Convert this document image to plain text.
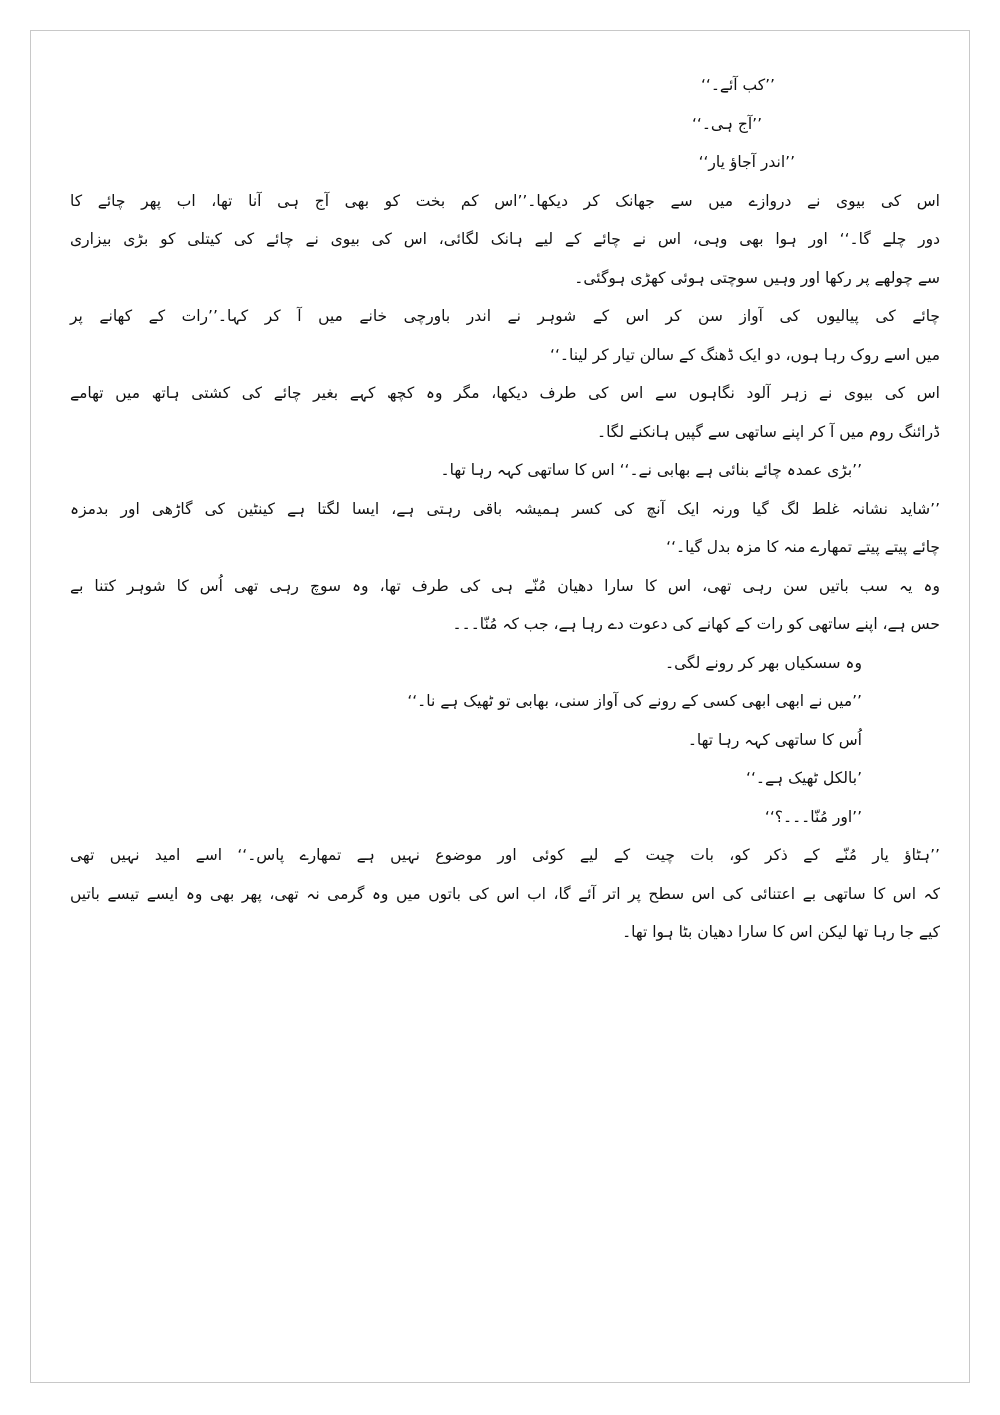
’’کب آئے۔‘‘
’’آج ہی۔‘‘
’’اندر آجاؤ یار‘‘
اس کی بیوی نے دروازے میں سے جھانک کر دیکھا۔’’اس کم بخت کو بھی آج ہی آنا تھا، اب پھر چائے کا
دور چلے گا۔‘‘ اور ہوا بھی وہی، اس نے چائے کے لیے ہانک لگائی، اس کی بیوی نے چائے کی کیتلی کو بڑی بیزاری
سے چولھے پر رکھا اور وہیں سوچتی ہوئی کھڑی ہوگئی۔
چائے کی پیالیوں کی آواز سن کر اس کے شوہر نے اندر باورچی خانے میں آ کر کہا۔’’رات کے کھانے پر
میں اسے روک رہا ہوں، دو ایک ڈھنگ کے سالن تیار کر لینا۔‘‘
اس کی بیوی نے زہر آلود نگاہوں سے اس کی طرف دیکھا، مگر وہ کچھ کہے بغیر چائے کی کشتی ہاتھ میں تھامے
ڈرائنگ روم میں آ کر اپنے ساتھی سے گپیں ہانکنے لگا۔
’’بڑی عمدہ چائے بنائی ہے بھابی نے۔‘‘ اس کا ساتھی کہہ رہا تھا۔
’’شاید نشانہ غلط لگ گیا ورنہ ایک آنچ کی کسر ہمیشہ باقی رہتی ہے، ایسا لگتا ہے کینٹین کی گاڑھی اور بدمزہ
چائے پیتے پیتے تمھارے منہ کا مزہ بدل گیا۔‘‘
وہ یہ سب باتیں سن رہی تھی، اس کا سارا دھیان مُنّے ہی کی طرف تھا، وہ سوچ رہی تھی اُس کا شوہر کتنا بے
حس ہے، اپنے ساتھی کو رات کے کھانے کی دعوت دے رہا ہے، جب کہ مُنّا۔۔۔
وہ سسکیاں بھر کر رونے لگی۔
’’میں نے ابھی ابھی کسی کے رونے کی آواز سنی، بھابی تو ٹھیک ہے نا۔‘‘
اُس کا ساتھی کہہ رہا تھا۔
’بالکل ٹھیک ہے۔‘‘
’’اور مُنّا۔۔۔؟‘‘
’’ہٹاؤ یار مُنّے کے ذکر کو، بات چیت کے لیے کوئی اور موضوع نہیں ہے تمھارے پاس۔‘‘ اسے امید نہیں تھی
کہ اس کا ساتھی بے اعتنائی کی اس سطح پر اتر آئے گا، اب اس کی باتوں میں وہ گرمی نہ تھی، پھر بھی وہ ایسے تیسے باتیں
کیے جا رہا تھا لیکن اس کا سارا دھیان بٹا ہوا تھا۔
